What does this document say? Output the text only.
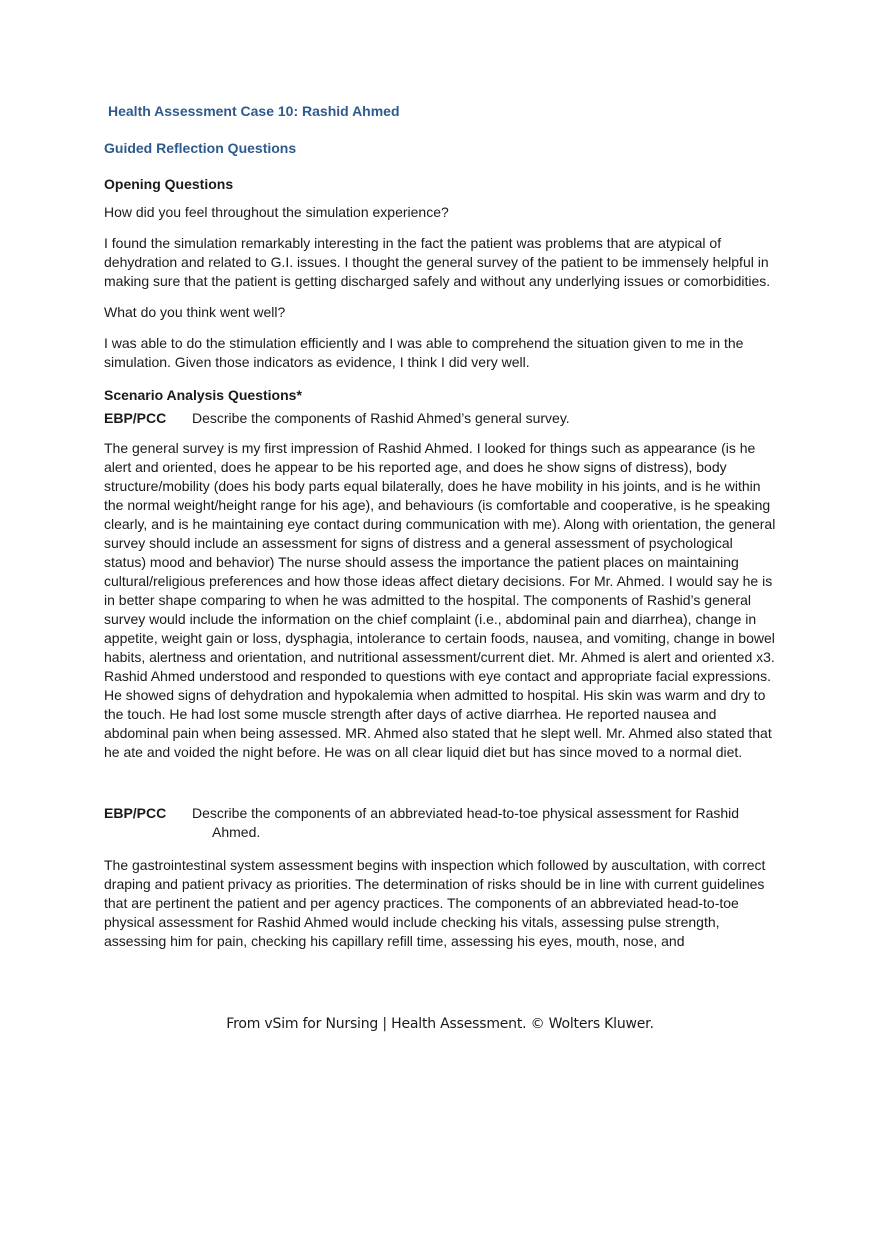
Health Assessment Case 10: Rashid Ahmed
Guided Reflection Questions
Opening Questions

How did you feel throughout the simulation experience?

I found the simulation remarkably interesting in the fact the patient was problems that are atypical of dehydration and related to G.I. issues. I thought the general survey of the patient to be immensely helpful in making sure that the patient is getting discharged safely and without any underlying issues or comorbidities.

What do you think went well?

I was able to do the stimulation efficiently and I was able to comprehend the situation given to me in the simulation. Given those indicators as evidence, I think I did very well.

Scenario Analysis Questions*
EBP/PCC	Describe the components of Rashid Ahmed’s general survey.

The general survey is my first impression of Rashid Ahmed. I looked for things such as appearance (is he alert and oriented, does he appear to be his reported age, and does he show signs of distress), body structure/mobility (does his body parts equal bilaterally, does he have mobility in his joints, and is he within the normal weight/height range for his age), and behaviours (is comfortable and cooperative, is he speaking clearly, and is he maintaining eye contact during communication with me). Along with orientation, the general survey should include an assessment for signs of distress and a general assessment of psychological status) mood and behavior) The nurse should assess the importance the patient places on maintaining cultural/religious preferences and how those ideas affect dietary decisions. For Mr. Ahmed. I would say he is in better shape comparing to when he was admitted to the hospital. The components of Rashid’s general survey would include the information on the chief complaint (i.e., abdominal pain and diarrhea), change in appetite, weight gain or loss, dysphagia, intolerance to certain foods, nausea, and vomiting, change in bowel habits, alertness and orientation, and nutritional assessment/current diet. Mr. Ahmed is alert and oriented x3. Rashid Ahmed understood and responded to questions with eye contact and appropriate facial expressions. He showed signs of dehydration and hypokalemia when admitted to hospital. His skin was warm and dry to the touch. He had lost some muscle strength after days of active diarrhea. He reported nausea and abdominal pain when being assessed. MR. Ahmed also stated that he slept well. Mr. Ahmed also stated that he ate and voided the night before. He was on all clear liquid diet but has since moved to a normal diet.

EBP/PCC	Describe the components of an abbreviated head-to-toe physical assessment for Rashid
Ahmed.

The gastrointestinal system assessment begins with inspection which followed by auscultation, with correct draping and patient privacy as priorities. The determination of risks should be in line with current guidelines that are pertinent the patient and per agency practices. The components of an abbreviated head-to-toe physical assessment for Rashid Ahmed would include checking his vitals, assessing pulse strength, assessing him for pain, checking his capillary refill time, assessing his eyes, mouth, nose, and

From vSim for Nursing | Health Assessment. © Wolters Kluwer.
